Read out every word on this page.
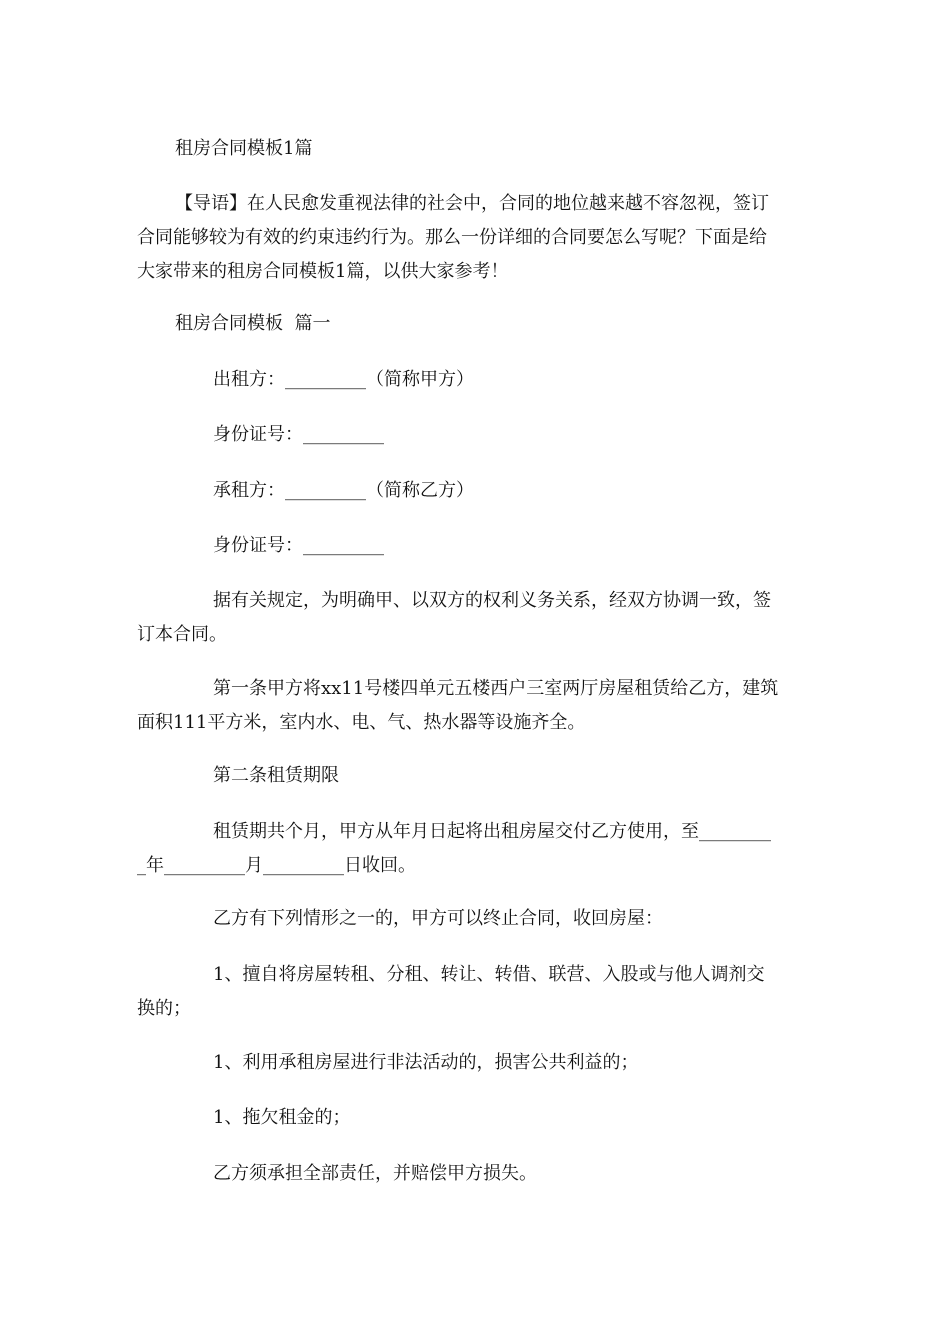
租房合同模板1篇

【导语】在人民愈发重视法律的社会中，合同的地位越来越不容忽视，签订
合同能够较为有效的约束违约行为。那么一份详细的合同要怎么写呢？下面是给
大家带来的租房合同模板1篇，以供大家参考！

租房合同模板  篇一

出租方：_________（简称甲方）

身份证号：_________

承租方：_________（简称乙方）

身份证号：_________

据有关规定，为明确甲、以双方的权利义务关系，经双方协调一致，签
订本合同。

第一条甲方将xx11号楼四单元五楼西户三室两厅房屋租赁给乙方，建筑
面积111平方米，室内水、电、气、热水器等设施齐全。

第二条租赁期限

租赁期共个月，甲方从年月日起将出租房屋交付乙方使用，至________
_年_________月_________日收回。

乙方有下列情形之一的，甲方可以终止合同，收回房屋：

1、擅自将房屋转租、分租、转让、转借、联营、入股或与他人调剂交
换的；

1、利用承租房屋进行非法活动的，损害公共利益的；

1、拖欠租金的；

乙方须承担全部责任，并赔偿甲方损失。
